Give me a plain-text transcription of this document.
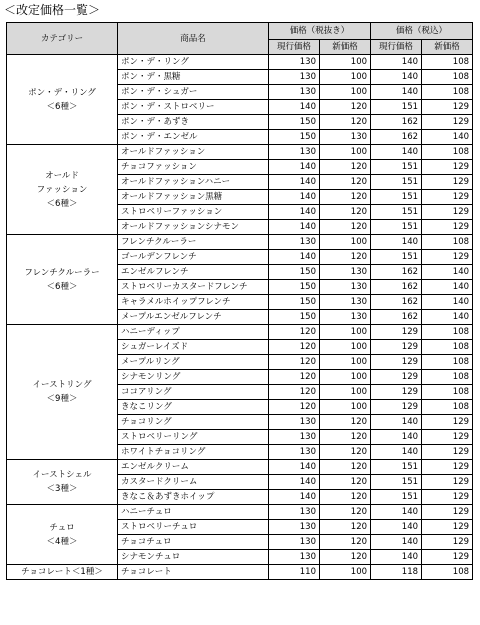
＜改定価格一覧＞
カテゴリー	商品名	価格（税抜き）		価格（税込）	
		現行価格	新価格	現行価格	新価格

ポン・デ・リング
＜6種＞	ポン・デ・リング	130	100	140	108
	ポン・デ・黒糖	130	100	140	108
	ポン・デ・シュガー	130	100	140	108
	ポン・デ・ストロベリー	140	120	151	129
	ポン・デ・あずき	150	120	162	129
	ポン・デ・エンゼル	150	130	162	140

オールド
ファッション
＜6種＞	オールドファッション	130	100	140	108
	チョコファッション	140	120	151	129
	オールドファッションハニー	140	120	151	129
	オールドファッション黒糖	140	120	151	129
	ストロベリーファッション	140	120	151	129
	オールドファッションシナモン	140	120	151	129

フレンチクルーラー
＜6種＞	フレンチクルーラー	130	100	140	108
	ゴールデンフレンチ	140	120	151	129
	エンゼルフレンチ	150	130	162	140
	ストロベリーカスタードフレンチ	150	130	162	140
	キャラメルホイップフレンチ	150	130	162	140
	メープルエンゼルフレンチ	150	130	162	140

イーストリング
＜9種＞	ハニーディップ	120	100	129	108
	シュガーレイズド	120	100	129	108
	メープルリング	120	100	129	108
	シナモンリング	120	100	129	108
	ココアリング	120	100	129	108
	きなこリング	120	100	129	108
	チョコリング	130	120	140	129
	ストロベリーリング	130	120	140	129
	ホワイトチョコリング	130	120	140	129

イーストシェル
＜3種＞	エンゼルクリーム	140	120	151	129
	カスタードクリーム	140	120	151	129
	きなこ＆あずきホイップ	140	120	151	129

チュロ
＜4種＞	ハニーチュロ	130	120	140	129
	ストロベリーチュロ	130	120	140	129
	チョコチュロ	130	120	140	129
	シナモンチュロ	130	120	140	129

チョコレート＜1種＞	チョコレート	110	100	118	108
